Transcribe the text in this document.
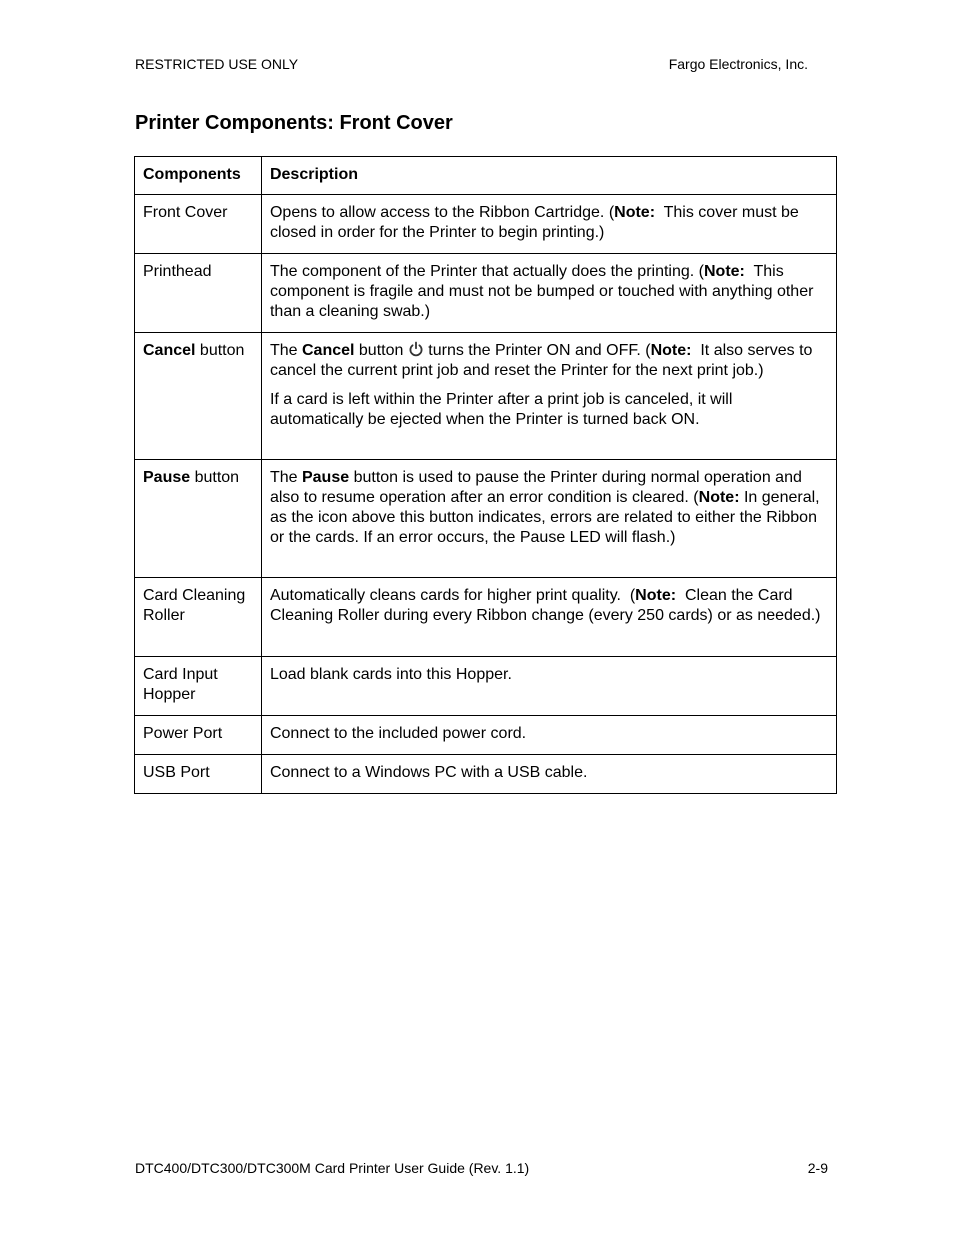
RESTRICTED USE ONLY	Fargo Electronics, Inc.
Printer Components: Front Cover
Components	Description
Front Cover	Opens to allow access to the Ribbon Cartridge. (Note:  This cover must be closed in order for the Printer to begin printing.)
Printhead	The component of the Printer that actually does the printing. (Note:  This component is fragile and must not be bumped or touched with anything other than a cleaning swab.)
Cancel button	The Cancel button  turns the Printer ON and OFF. (Note:  It also serves to cancel the current print job and reset the Printer for the next print job.)
If a card is left within the Printer after a print job is canceled, it will automatically be ejected when the Printer is turned back ON.

Pause button	The Pause button is used to pause the Printer during normal operation and also to resume operation after an error condition is cleared. (Note: In general, as the icon above this button indicates, errors are related to either the Ribbon or the cards. If an error occurs, the Pause LED will flash.)
Card Cleaning Roller	Automatically cleans cards for higher print quality.  (Note:  Clean the Card Cleaning Roller during every Ribbon change (every 250 cards) or as needed.)
Card Input Hopper	Load blank cards into this Hopper.
Power Port	Connect to the included power cord.
USB Port	Connect to a Windows PC with a USB cable.
DTC400/DTC300/DTC300M Card Printer User Guide (Rev. 1.1)	2-9
